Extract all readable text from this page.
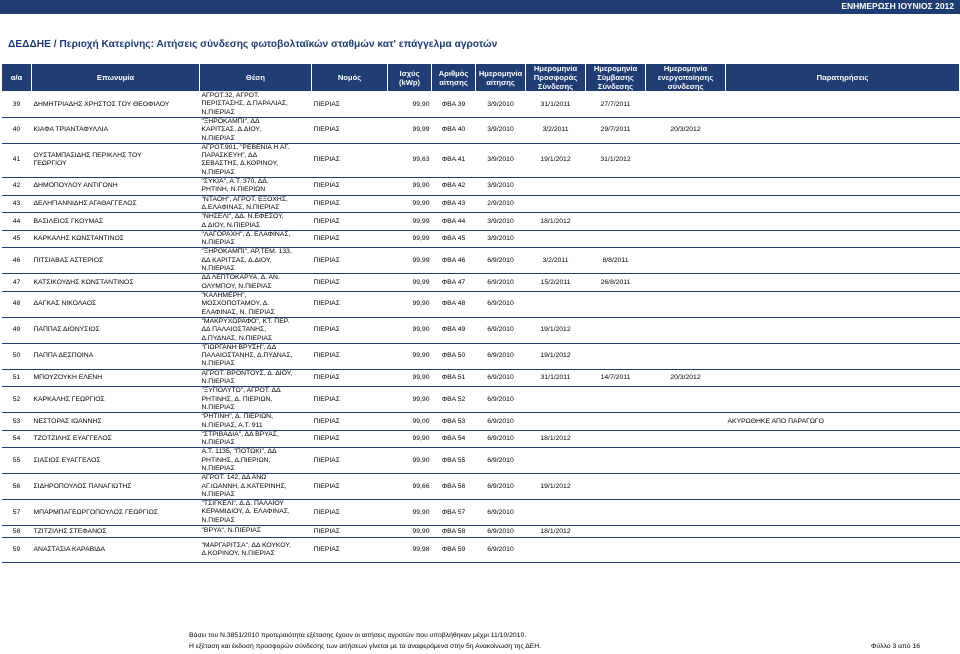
ΕΝΗΜΕΡΩΣΗ ΙΟΥΝΙΟΣ 2012
ΔΕΔΔΗΕ / Περιοχή Κατερίνης: Αιτήσεις σύνδεσης φωτοβολταϊκών σταθμών κατ' επάγγελμα αγροτών
α/α	Επωνυμία	Θέση	Νομός	Ισχύς (kWp)	Αριθμός αίτησης	Ημερομηνία αίτησης	Ημερομηνία Προσφοράς Σύνδεσης	Ημερομηνία Σύμβασης Σύνδεσης	Ημερομηνία ενεργοποίησης σύνδεσης	Παρατηρήσεις
39	ΔΗΜΗΤΡΙΑΔΗΣ ΧΡΗΣΤΟΣ ΤΟΥ ΘΕΟΦΙΛΟΥ	ΑΓΡΟΤ.32, ΑΓΡΟΤ.
ΠΕΡΙΣΤΑΣΗΣ, Δ.ΠΑΡΑΛΙΑΣ,
Ν.ΠΙΕΡΙΑΣ	ΠΙΕΡΙΑΣ	99,90	ΦΒΑ 39	3/9/2010	31/1/2011	27/7/2011		
40	ΚΙΑΦΑ ΤΡΙΑΝΤΑΦΥΛΛΙΑ	"ΞΗΡΟΚΑΜΠΙ", ΔΔ
ΚΑΡΙΤΣΑΣ, Δ.ΔΙΟΥ,
Ν.ΠΙΕΡΙΑΣ	ΠΙΕΡΙΑΣ	99,99	ΦΒΑ 40	3/9/2010	3/2/2011	29/7/2011	20/3/2012	
41	ΟΥΣΤΑΜΠΑΣΙΔΗΣ ΠΕΡΙΚΛΗΣ ΤΟΥ
ΓΕΩΡΓΙΟΥ	ΑΓΡΟΤ.901, "ΡΕΒΕΝΙΑ Η ΑΓ.
ΠΑΡΑΣΚΕΥΗ", ΔΔ
ΣΕΒΑΣΤΗΣ, Δ.ΚΟΡΙΝΟΥ,
Ν.ΠΙΕΡΙΑΣ	ΠΙΕΡΙΑΣ	99,63	ΦΒΑ 41	3/9/2010	19/1/2012	31/1/2012		
42	ΔΗΜΟΠΟΥΛΟΥ ΑΝΤΙΓΟΝΗ	"ΣΥΚΙΑ", Α.Τ. 370, ΔΔ.
ΡΗΤΙΝΗ, Ν.ΠΙΕΡΙΩΝ	ΠΙΕΡΙΑΣ	99,90	ΦΒΑ 42	3/9/2010				
43	ΔΕΛΗΓΙΑΝΝΙΔΗΣ ΑΓΑΘΑΓΓΕΛΟΣ	"ΝΤΑΟΗ", ΑΓΡΟΤ. ΕΞΟΧΗΣ,
Δ.ΕΛΑΦΙΝΑΣ, Ν.ΠΙΕΡΙΑΣ	ΠΙΕΡΙΑΣ	99,90	ΦΒΑ 43	2/9/2010				
44	ΒΑΣΙΛΕΙΟΣ ΓΚΟΥΜΑΣ	"ΝΗΣΕΛΙ", ΔΔ. Ν.ΕΦΕΣΟΥ,
Δ.ΔΙΟΥ, Ν.ΠΙΕΡΙΑΣ	ΠΙΕΡΙΑΣ	99,99	ΦΒΑ 44	3/9/2010	18/1/2012			
45	ΚΑΡΚΑΛΗΣ ΚΩΝΣΤΑΝΤΙΝΟΣ	"ΛΑΓΟΡΑΧΗ", Δ. ΕΛΑΦΙΝΑΣ,
Ν.ΠΙΕΡΙΑΣ	ΠΙΕΡΙΑΣ	99,99	ΦΒΑ 45	3/9/2010				
46	ΠΙΤΣΙΑΒΑΣ ΑΣΤΕΡΙΟΣ	"ΞΗΡΟΚΑΜΠΙ", ΑΡ.ΤΕΜ. 133,
ΔΔ ΚΑΡΙΤΣΑΣ, Δ.ΔΙΟΥ,
Ν.ΠΙΕΡΙΑΣ	ΠΙΕΡΙΑΣ	99,99	ΦΒΑ 46	6/9/2010	3/2/2011	8/8/2011		
47	ΚΑΤΣΙΚΟΥΔΗΣ ΚΩΝΣΤΑΝΤΙΝΟΣ	ΔΔ ΛΕΠΤΟΚΑΡΥΑ, Δ. ΑΝ.
ΟΛΥΜΠΟΥ, Ν.ΠΙΕΡΙΑΣ	ΠΙΕΡΙΑΣ	99,99	ΦΒΑ 47	6/9/2010	15/2/2011	26/8/2011		
48	ΔΑΓΚΑΣ ΝΙΚΟΛΑΟΣ	"ΚΑΛΗΜΕΡΗ",
ΜΟΣΧΟΠΟΤΑΜΟΥ, Δ.
ΕΛΑΦΙΝΑΣ, Ν. ΠΙΕΡΙΑΣ	ΠΙΕΡΙΑΣ	99,90	ΦΒΑ 48	6/9/2010				
49	ΠΑΠΠΑΣ ΔΙΟΝΥΣΙΟΣ	"ΜΑΚΡΥΧΩΡΑΦΟ", ΚΤ. ΠΕΡ.
ΔΔ ΠΑΛΑΙΟΣΤΑΝΗΣ,
Δ.ΠΥΔΝΑΣ, Ν.ΠΙΕΡΙΑΣ	ΠΙΕΡΙΑΣ	99,90	ΦΒΑ 49	6/9/2010	19/1/2012			
50	ΠΑΠΠΑ ΔΕΣΠΟΙΝΑ	"ΓΙΩΡΓΑΝΗ ΒΡΥΣΗ", ΔΔ
ΠΑΛΑΙΟΣΤΑΝΗΣ, Δ.ΠΥΔΝΑΣ,
Ν.ΠΙΕΡΙΑΣ	ΠΙΕΡΙΑΣ	99,90	ΦΒΑ 50	6/9/2010	19/1/2012			
51	ΜΠΟΥΖΟΥΚΗ ΕΛΕΝΗ	ΑΓΡΟΤ. ΒΡΟΝΤΟΥΣ, Δ. ΔΙΟΥ,
Ν.ΠΙΕΡΙΑΣ	ΠΙΕΡΙΑΣ	99,90	ΦΒΑ 51	6/9/2010	31/1/2011	14/7/2011	20/3/2012	
52	ΚΑΡΚΑΛΗΣ ΓΕΩΡΓΙΟΣ	"ΞΥΠΟΛΥΤΟ", ΑΓΡΟΤ. ΔΔ
ΡΗΤΙΝΗΣ, Δ. ΠΙΕΡΙΩΝ,
Ν.ΠΙΕΡΙΑΣ	ΠΙΕΡΙΑΣ	99,90	ΦΒΑ 52	6/9/2010				
53	ΝΕΣΤΟΡΑΣ ΙΩΑΝΝΗΣ	"ΡΗΤΙΝΗ", Δ. ΠΙΕΡΙΩΝ,
Ν.ΠΙΕΡΙΑΣ, Α.Τ. 911	ΠΙΕΡΙΑΣ	99,00	ΦΒΑ 53	6/9/2010				ΑΚΥΡΩΘΗΚΕ ΑΠΟ ΠΑΡΑΓΩΓΟ
54	ΤΖΟΤΖΙΛΗΣ ΕΥΑΓΓΕΛΟΣ	"ΣΤΡΙΒΑΔΙΑ", ΔΔ ΒΡΥΑΣ,
Ν.ΠΙΕΡΙΑΣ	ΠΙΕΡΙΑΣ	99,90	ΦΒΑ 54	6/9/2010	18/1/2012			
55	ΣΙΑΣΙΟΣ ΕΥΑΓΓΕΛΟΣ	Α.Τ. 1135, "ΠΟΤΩΚΙ", ΔΔ
ΡΗΤΙΝΗΣ, Δ.ΠΙΕΡΙΩΝ,
Ν.ΠΙΕΡΙΑΣ	ΠΙΕΡΙΑΣ	99,90	ΦΒΑ 55	6/9/2010				
56	ΣΙΔΗΡΟΠΟΥΛΟΣ ΠΑΝΑΓΙΩΤΗΣ	ΑΓΡΟΤ. 142, ΔΔ ΑΝΩ
ΑΓ.ΙΩΑΝΝΗ, Δ.ΚΑΤΕΡΙΝΗΣ,
Ν.ΠΙΕΡΙΑΣ	ΠΙΕΡΙΑΣ	99,66	ΦΒΑ 56	6/9/2010	19/1/2012			
57	ΜΠΑΡΜΠΑΓΕΩΡΓΟΠΟΥΛΟΣ ΓΕΩΡΓΙΟΣ	"ΤΣΙΓΚΕΛΙ", Δ.Δ. ΠΑΛΑΙΟΥ
ΚΕΡΑΜΙΔΙΟΥ, Δ. ΕΛΑΦΙΝΑΣ,
Ν.ΠΙΕΡΙΑΣ	ΠΙΕΡΙΑΣ	99,90	ΦΒΑ 57	6/9/2010				
58	ΤΖΙΤΖΙΛΗΣ ΣΤΕΦΑΝΟΣ	"ΒΡΥΑ", Ν.ΠΙΕΡΙΑΣ	ΠΙΕΡΙΑΣ	99,90	ΦΒΑ 58	6/9/2010	18/1/2012			
59	ΑΝΑΣΤΑΣΙΑ ΚΑΡΑΒΙΔΑ	"ΜΑΡΓΑΡΙΤΣΑ", ΔΔ ΚΟΥΚΟΥ,
Δ.ΚΟΡΙΝΟΥ, Ν.ΠΙΕΡΙΑΣ	ΠΙΕΡΙΑΣ	99,98	ΦΒΑ 59	6/9/2010				
Βάσει του Ν.3851/2010 προτεραιότητα εξέτασης έχουν οι αιτήσεις αγροτών που υποβλήθηκαν μέχρι 11/10/2010.
Η εξέταση και έκδοση προσφορών σύνδεσης των αιτήσεων γίνεται με τα αναφερόμενα στην 5η Ανακοίνωση της ΔΕΗ.	Φύλλο 3 από 16
